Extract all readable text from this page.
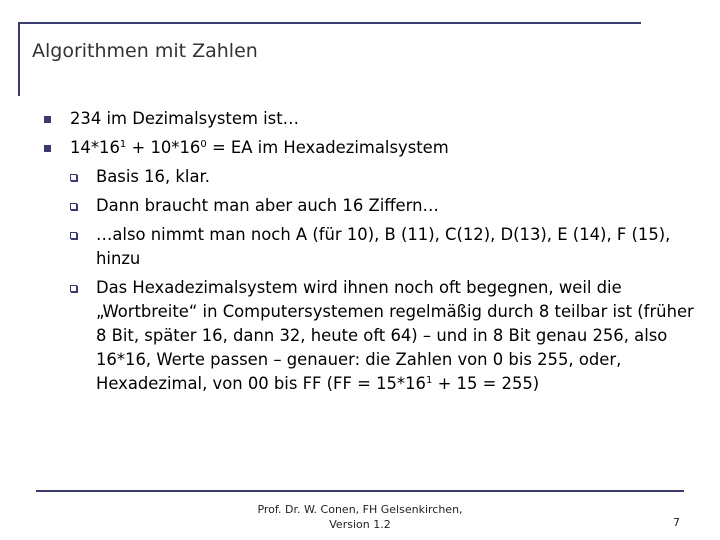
Algorithmen mit Zahlen
234 im Dezimalsystem ist…
$14*16^1 + 10*16^0$ = EA im Hexadezimalsystem
Basis 16, klar.
Dann braucht man aber auch 16 Ziffern…
…also nimmt man noch A (für 10), B (11), C(12), D(13), E (14), F (15), hinzu
Das Hexadezimalsystem wird ihnen noch oft begegnen, weil die „Wortbreite“ in Computersystemen regelmäßig durch 8 teilbar ist (früher 8 Bit, später 16, dann 32, heute oft 64) – und in 8 Bit genau 256, also 16*16, Werte passen – genauer: die Zahlen von 0 bis 255, oder, Hexadezimal, von 00 bis FF $(FF = 15*16^1 + 15 = 255)$
Prof. Dr. W. Conen, FH Gelsenkirchen,
Version 1.2	7
